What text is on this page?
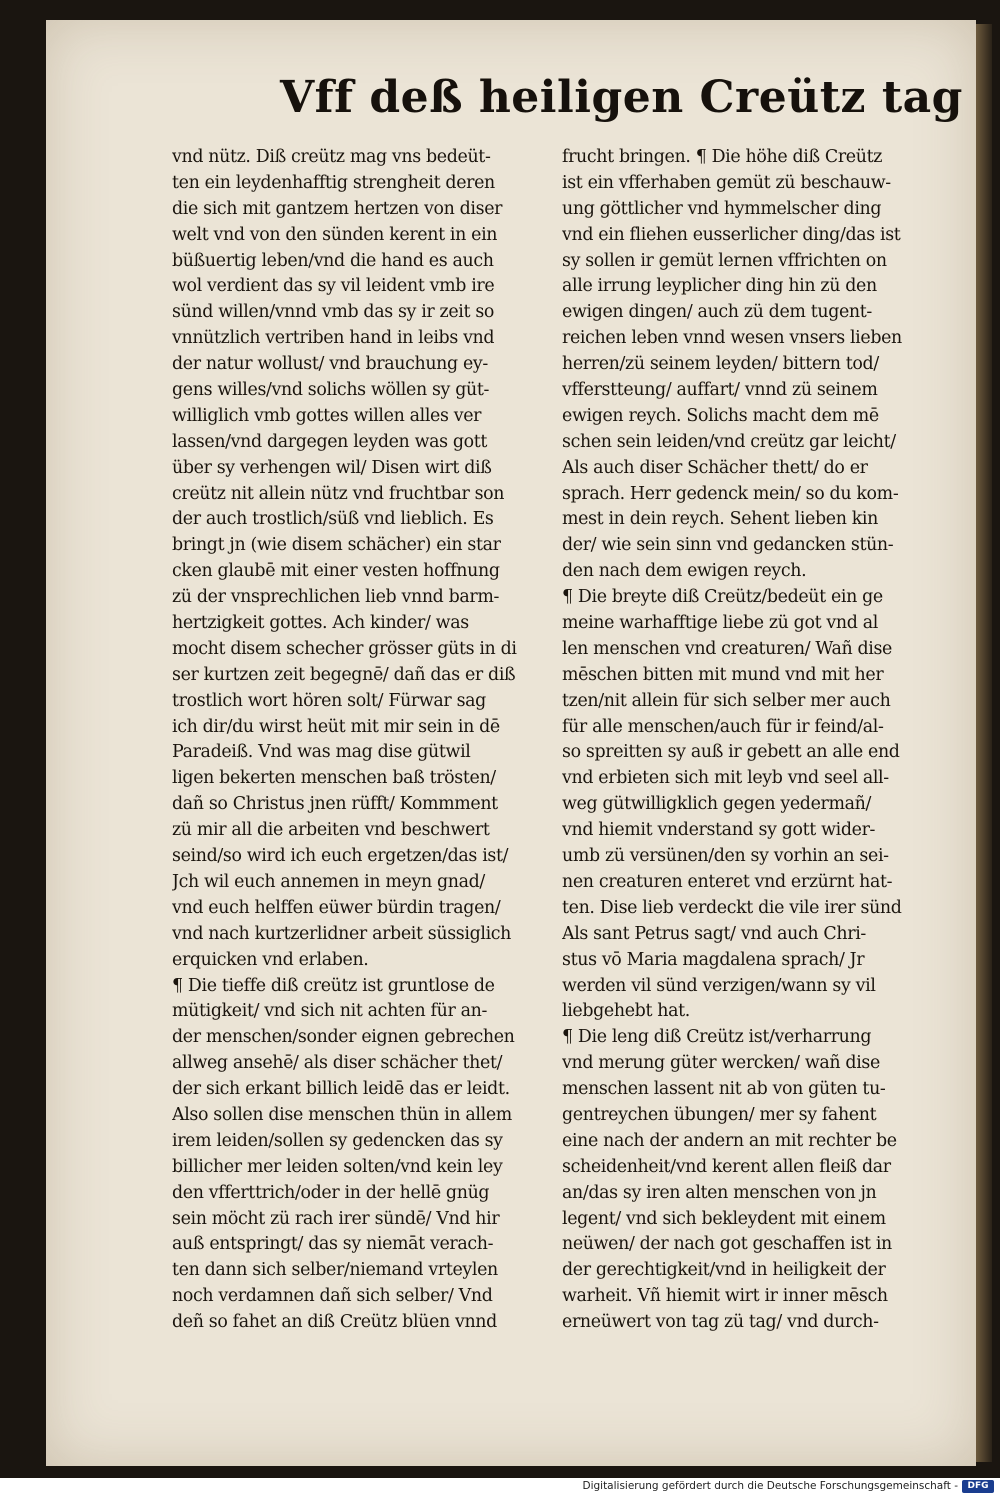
Vff deß heiligen Creütz tag
vnd nütz. Diß creütz mag vns bedeüt-
ten ein leydenhafftig strengheit deren
die sich mit gantzem hertzen von diser
welt vnd von den sünden kerent in ein
büßuertig leben/vnd die hand es auch
wol verdient das sy vil leident vmb ire
sünd willen/vnnd vmb das sy ir zeit so
vnnützlich vertriben hand in leibs vnd
der natur wollust/ vnd brauchung ey-
gens willes/vnd solichs wöllen sy güt-
williglich vmb gottes willen alles ver
lassen/vnd dargegen leyden was gott
über sy verhengen wil/ Disen wirt diß
creütz nit allein nütz vnd fruchtbar son
der auch trostlich/süß vnd lieblich. Es
bringt jn (wie disem schächer) ein star
cken glaubē mit einer vesten hoffnung
zü der vnsprechlichen lieb vnnd barm-
hertzigkeit gottes. Ach kinder/ was
mocht disem schecher grösser güts in di
ser kurtzen zeit begegnē/ dañ das er diß
trostlich wort hören solt/ Fürwar sag
ich dir/du wirst heüt mit mir sein in dē
Paradeiß. Vnd was mag dise gütwil
ligen bekerten menschen baß trösten/
dañ so Christus jnen rüfft/ Kommment
zü mir all die arbeiten vnd beschwert
seind/so wird ich euch ergetzen/das ist/
Jch wil euch annemen in meyn gnad/
vnd euch helffen eüwer bürdin tragen/
vnd nach kurtzerlidner arbeit süssiglich
erquicken vnd erlaben.
¶ Die tieffe diß creütz ist gruntlose de
mütigkeit/ vnd sich nit achten für an-
der menschen/sonder eignen gebrechen
allweg ansehē/ als diser schächer thet/
der sich erkant billich leidē das er leidt.
Also sollen dise menschen thün in allem
irem leiden/sollen sy gedencken das sy
billicher mer leiden solten/vnd kein ley
den vfferttrich/oder in der hellē gnüg
sein möcht zü rach irer sündē/ Vnd hir
auß entspringt/ das sy niemāt verach-
ten dann sich selber/niemand vrteylen
noch verdamnen dañ sich selber/ Vnd
deñ so fahet an diß Creütz blüen vnnd
frucht bringen. ¶ Die höhe diß Creütz
ist ein vfferhaben gemüt zü beschauw-
ung göttlicher vnd hymmelscher ding
vnd ein fliehen eusserlicher ding/das ist
sy sollen ir gemüt lernen vffrichten on
alle irrung leyplicher ding hin zü den
ewigen dingen/ auch zü dem tugent-
reichen leben vnnd wesen vnsers lieben
herren/zü seinem leyden/ bittern tod/
vfferstteung/ auffart/ vnnd zü seinem
ewigen reych. Solichs macht dem mē
schen sein leiden/vnd creütz gar leicht/
Als auch diser Schächer thett/ do er
sprach. Herr gedenck mein/ so du kom-
mest in dein reych. Sehent lieben kin
der/ wie sein sinn vnd gedancken stün-
den nach dem ewigen reych.
¶ Die breyte diß Creütz/bedeüt ein ge
meine warhafftige liebe zü got vnd al
len menschen vnd creaturen/ Wañ dise
mēschen bitten mit mund vnd mit her
tzen/nit allein für sich selber mer auch
für alle menschen/auch für ir feind/al-
so spreitten sy auß ir gebett an alle end
vnd erbieten sich mit leyb vnd seel all-
weg gütwilligklich gegen yedermañ/
vnd hiemit vnderstand sy gott wider-
umb zü versünen/den sy vorhin an sei-
nen creaturen enteret vnd erzürnt hat-
ten. Dise lieb verdeckt die vile irer sünd
Als sant Petrus sagt/ vnd auch Chri-
stus vō Maria magdalena sprach/ Jr
werden vil sünd verzigen/wann sy vil
liebgehebt hat.
¶ Die leng diß Creütz ist/verharrung
vnd merung güter wercken/ wañ dise
menschen lassent nit ab von güten tu-
gentreychen übungen/ mer sy fahent
eine nach der andern an mit rechter be
scheidenheit/vnd kerent allen fleiß dar
an/das sy iren alten menschen von jn
legent/ vnd sich bekleydent mit einem
neüwen/ der nach got geschaffen ist in
der gerechtigkeit/vnd in heiligkeit der
warheit. Vñ hiemit wirt ir inner mēsch
erneüwert von tag zü tag/ vnd durch-
Digitalisierung gefördert durch die Deutsche Forschungsgemeinschaft -	DFG
